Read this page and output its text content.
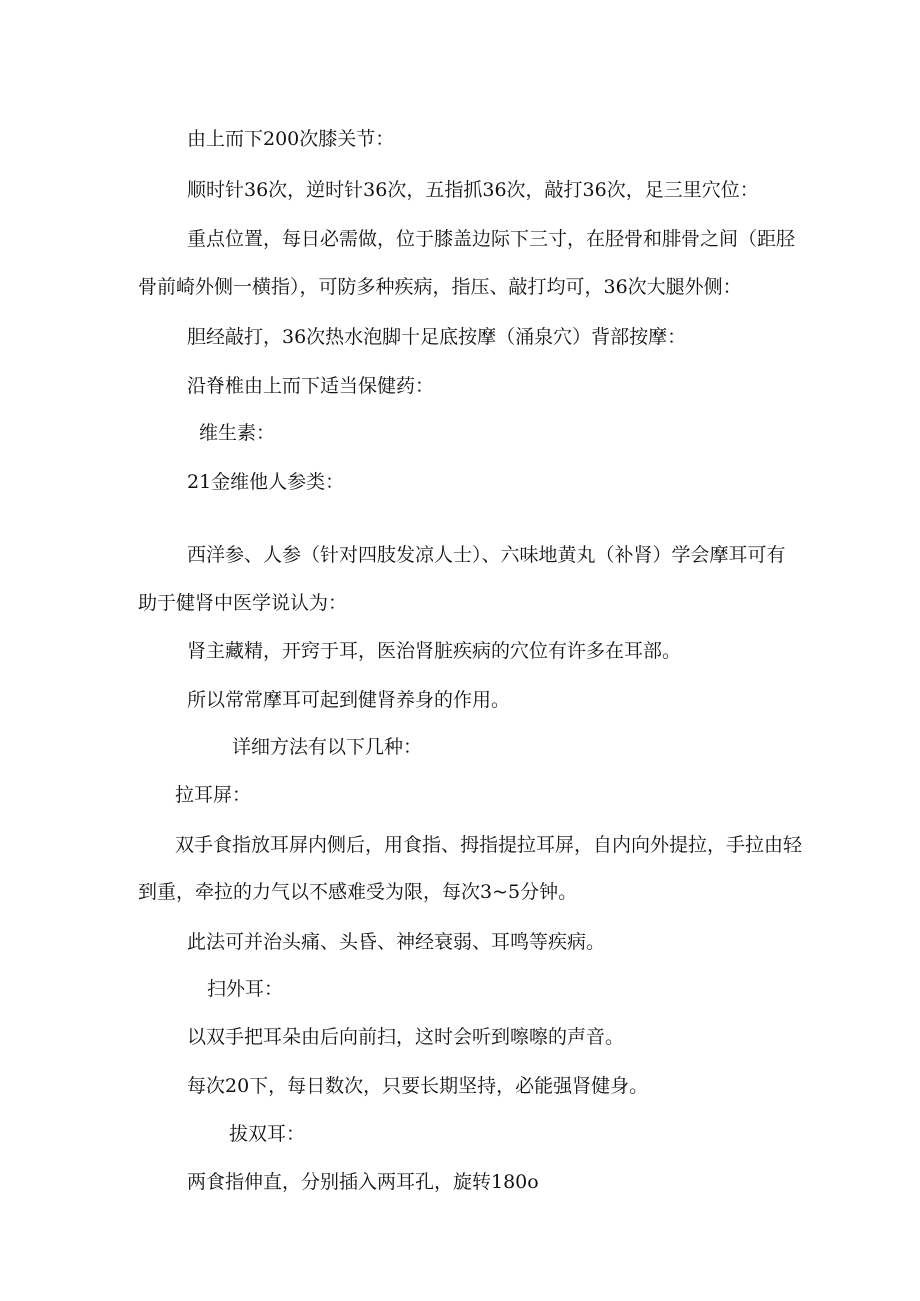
由上而下200次膝关节：

顺时针36次，逆时针36次，五指抓36次，敲打36次，足三里穴位：

重点位置，每日必需做，位于膝盖边际下三寸，在胫骨和腓骨之间（距胫

骨前崎外侧一横指），可防多种疾病，指压、敲打均可，36次大腿外侧：

胆经敲打，36次热水泡脚十足底按摩（涌泉穴）背部按摩：

沿脊椎由上而下适当保健药：

维生素：

21金维他人参类：

西洋参、人参（针对四肢发凉人士）、六味地黄丸（补肾）学会摩耳可有

助于健肾中医学说认为：

肾主藏精，开窍于耳，医治肾脏疾病的穴位有许多在耳部。

所以常常摩耳可起到健肾养身的作用。

详细方法有以下几种：

拉耳屏：

双手食指放耳屏内侧后，用食指、拇指提拉耳屏，自内向外提拉，手拉由轻

到重，牵拉的力气以不感难受为限，每次3~5分钟。

此法可并治头痛、头昏、神经衰弱、耳鸣等疾病。

扫外耳：

以双手把耳朵由后向前扫，这时会听到嚓嚓的声音。

每次20下，每日数次，只要长期坚持，必能强肾健身。

拔双耳：

两食指伸直，分别插入两耳孔，旋转180o
